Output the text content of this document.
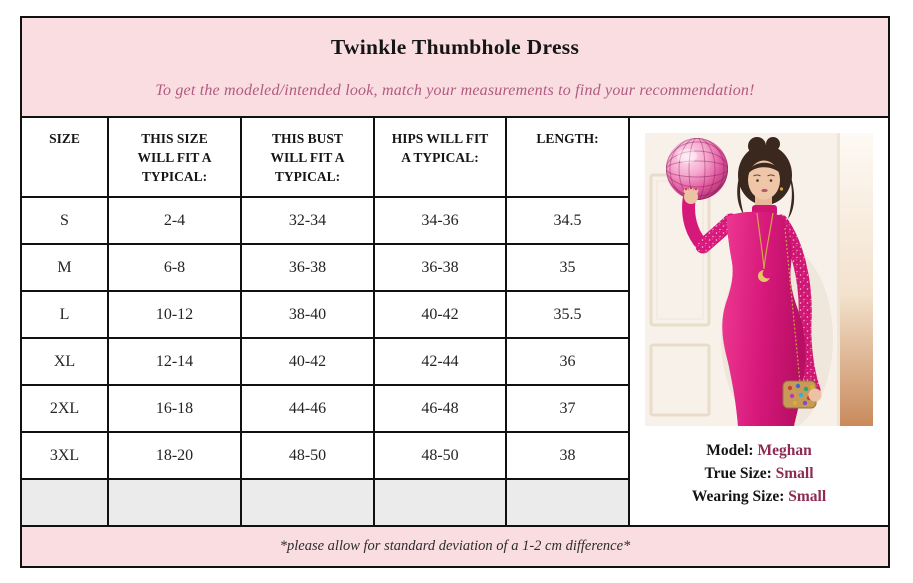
Twinkle Thumbhole Dress
To get the modeled/intended look, match your measurements to find your recommendation!
SIZE	THIS SIZE WILL FIT A TYPICAL:	THIS BUST WILL FIT A TYPICAL:	HIPS WILL FIT A TYPICAL:	LENGTH:
S	2-4	32-34	34-36	34.5
M	6-8	36-38	36-38	35
L	10-12	38-40	40-42	35.5
XL	12-14	40-42	42-44	36
2XL	16-18	44-46	46-48	37
3XL	18-20	48-50	48-50	38
					Model: Meghan
True Size: Small
Wearing Size: Small
*please allow for standard deviation of a 1-2 cm difference*
